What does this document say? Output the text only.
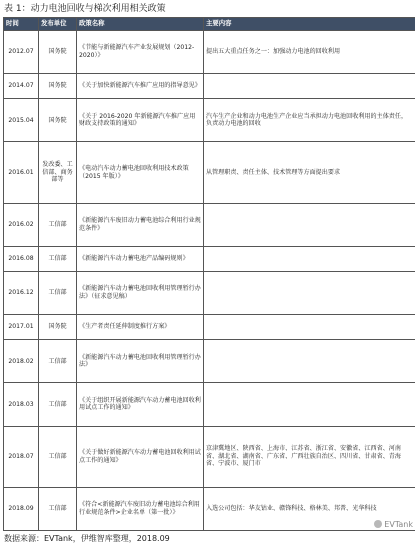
表 1：动力电池回收与梯次利用相关政策
时间	发布单位	政策名称	主要内容
2012.07	国务院	《节能与新能源汽车产业发展规划（2012-2020）》	提出五大重点任务之一：加强动力电池的回收利用
2014.07	国务院	《关于加快新能源汽车推广应用的指导意见》	
2015.04	国务院	《关于 2016-2020 年新能源汽车推广应用财政支持政策的通知》	汽车生产企业和动力电池生产企业应当承担动力电池回收利用的主体责任，负责动力电池的回收
2016.01	发改委、工信部、商务部等	《电动汽车动力蓄电池回收利用技术政策（2015 年版）》	从管理职责、责任主体、技术管理等方面提出要求
2016.02	工信部	《新能源汽车废旧动力蓄电池综合利用行业规范条件》	
2016.08	工信部	《新能源汽车动力蓄电池产品编码规则》	
2016.12	工信部	《新能源汽车动力蓄电池回收利用管理暂行办法》（征求意见稿）	
2017.01	国务院	《生产者责任延伸制度推行方案》	
2018.02	工信部	《新能源汽车动力蓄电池回收利用管理暂行办法》	
2018.03	工信部	《关于组织开展新能源汽车动力蓄电池回收利用试点工作的通知》	
2018.07	工信部	《关于做好新能源汽车动力蓄电池回收利用试点工作的通知》	京津冀地区、陕西省、上海市、江苏省、浙江省、安徽省、江西省、河南省、湖北省、湖南省、广东省、广西壮族自治区、四川省、甘肃省、青海省、宁波市、厦门市
2018.09	工信部	《符合<新能源汽车废旧动力蓄电池综合利用行业规范条件>企业名单（第一批）》	入选公司包括：华友钴业、赣锋科技、格林美、邦普、光华科技
EVTank
数据来源：EVTank，伊维智库整理，2018.09
